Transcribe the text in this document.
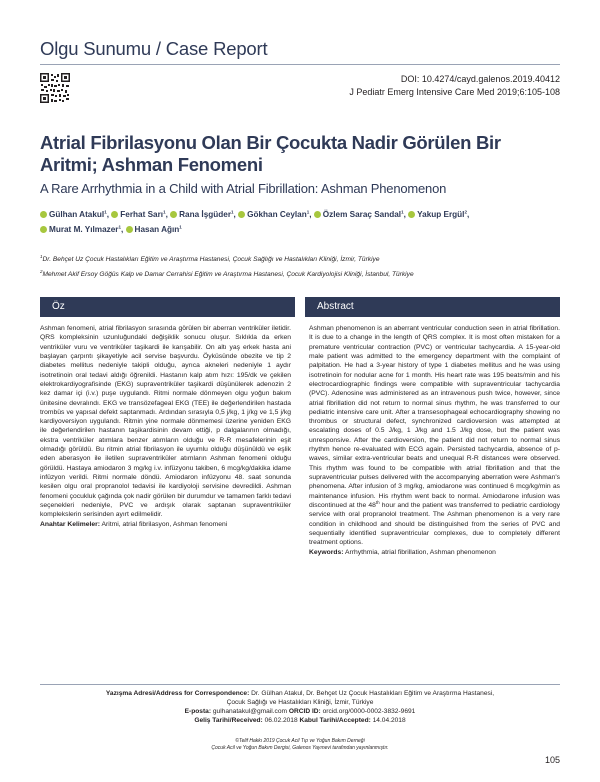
Olgu Sunumu / Case Report
DOI: 10.4274/cayd.galenos.2019.40412
J Pediatr Emerg Intensive Care Med 2019;6:105-108
Atrial Fibrilasyonu Olan Bir Çocukta Nadir Görülen Bir Aritmi; Ashman Fenomeni
A Rare Arrhythmia in a Child with Atrial Fibrillation: Ashman Phenomenon
Gülhan Atakul$^1$, Ferhat Sarı$^1$, Rana İşgüder$^1$, Gökhan Ceylan$^1$, Özlem Saraç Sandal$^1$, Yakup Ergül$^2$,
Murat M. Yılmazer$^1$, Hasan Ağın$^1$
$^1$Dr. Behçet Uz Çocuk Hastalıkları Eğitim ve Araştırma Hastanesi, Çocuk Sağlığı ve Hastalıkları Kliniği, İzmir, Türkiye
$^2$Mehmet Akif Ersoy Göğüs Kalp ve Damar Cerrahisi Eğitim ve Araştırma Hastanesi, Çocuk Kardiyolojisi Kliniği, İstanbul, Türkiye
Öz	Abstract
Ashman fenomeni, atrial fibrilasyon sırasında görülen bir aberran ventriküler iletidir. QRS kompleksinin uzunluğundaki değişiklik sonucu oluşur. Sıklıkla da erken ventriküler vuru ve ventriküler taşikardi ile karışabilir. On altı yaş erkek hasta ani başlayan çarpıntı şikayetiyle acil servise başvurdu. Öyküsünde obezite ve tip 2 diabetes mellitus nedeniyle takipli olduğu, ayrıca akneleri nedeniyle 1 aydır isotretinoin oral tedavi aldığı öğrenildi. Hastanın kalp atım hızı: 195/dk ve çekilen elektrokardiyografisinde (EKG) supraventriküler taşikardi düşünülerek adenozin 2 kez damar içi (i.v.) puşe uygulandı. Ritmi normale dönmeyen olgu yoğun bakım ünitesine devralındı. EKG ve transözefageal EKG (TEE) ile değerlendirilen hastada trombüs ve yapısal defekt saptanmadı. Ardından sırasıyla 0,5 j/kg, 1 j/kg ve 1,5 j/kg kardiyoversiyon uygulandı. Ritmin yine normale dönmemesi üzerine yeniden EKG ile değerlendirilen hastanın taşikardisinin devam ettiği, p dalgalarının olmadığı, ekstra ventriküler atımlara benzer atımların olduğu ve R-R mesafelerinin eşit olmadığı görüldü. Bu ritmin atrial fibrilasyon ile uyumlu olduğu düşünüldü ve eşlik eden aberasyon ile iletilen supraventriküler atımların Ashman fenomeni olduğu görüldü. Hastaya amiodaron 3 mg/kg i.v. infüzyonu takiben, 6 mcg/kg/dakika idame infüzyon verildi. Ritmi normale döndü. Amiodaron infüzyonu 48. saat sonunda kesilen olgu oral propranolol tedavisi ile kardiyoloji servisine devredildi. Ashman fenomeni çocukluk çağında çok nadir görülen bir durumdur ve tamamen farklı tedavi seçenekleri nedeniyle, PVC ve ardışık olarak saptanan supraventriküler komplekslerin serisinden ayırt edilmelidir.
Anahtar Kelimeler: Aritmi, atrial fibrilasyon, Ashman fenomeni
Ashman phenomenon is an aberrant ventricular conduction seen in atrial fibrillation. It is due to a change in the length of QRS complex. It is most often mistaken for a premature ventricular contraction (PVC) or ventricular tachycardia. A 15-year-old male patient was admitted to the emergency department with the complaint of palpitation. He had a 3-year history of type 1 diabetes mellitus and he was using isotretinoin for nodular acne for 1 month. His heart rate was 195 beats/min and his electrocardiographic findings were compatible with supraventricular tachycardia (PVC). Adenosine was administered as an intravenous push twice, however, since atrial fibrillation did not return to normal sinus rhythm, he was transferred to our pediatric intensive care unit. After a transesophageal echocardiography showing no thrombus or structural defect, synchronized cardioversion was attempted at escalating doses of 0.5 J/kg, 1 J/kg and 1.5 J/kg dose, but the patient was unresponsive. After the cardioversion, the patient did not return to normal sinus rhythm hence re-evaluated with ECG again. Persisted tachycardia, absence of p-waves, similar extra-ventricular beats and unequal R-R distances were observed. This rhythm was found to be compatible with atrial fibrillation and that the supraventricular pulses delivered with the accompanying aberration were Ashman's phenomena. After infusion of 3 mg/kg, amiodarone was continued 6 mcg/kg/min as maintenance infusion. His rhythm went back to normal. Amiodarone infusion was discontinued at the 48th hour and the patient was transferred to pediatric cardiology service with oral propranolol treatment. The Ashman phenomenon is a very rare condition in childhood and should be distinguished from the series of PVC and sequentially identified supraventricular complexes, due to completely different treatment options.
Keywords: Arrhythmia, atrial fibrillation, Ashman phenomenon
Yazışma Adresi/Address for Correspondence: Dr. Gülhan Atakul, Dr. Behçet Uz Çocuk Hastalıkları Eğitim ve Araştırma Hastanesi,
Çocuk Sağlığı ve Hastalıkları Kliniği, İzmir, Türkiye
E-posta: gulhanatakul@gmail.com ORCID ID: orcid.org/0000-0002-3832-9691
Geliş Tarihi/Received: 06.02.2018 Kabul Tarihi/Accepted: 14.04.2018
©Telif Hakkı 2019 Çocuk Acil Tıp ve Yoğun Bakım Derneği
Çocuk Acil ve Yoğun Bakım Dergisi, Galenos Yayınevi tarafından yayınlanmıştır.
105
